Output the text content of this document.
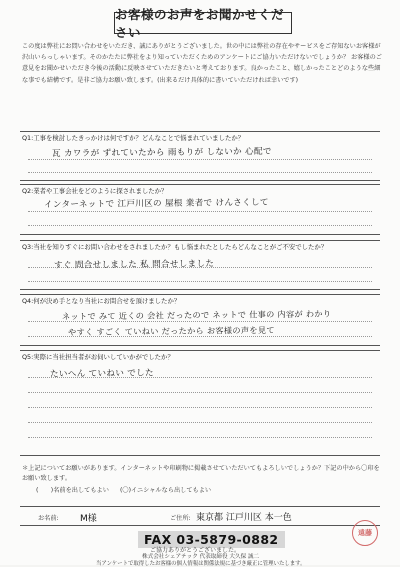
お客様のお声をお聞かせください
この度は弊社にお問い合わせをいただき、誠にありがとうございました。世の中には弊社の存在やサービスをご存知ないお客様が沢山いらっしゃいます。そのかたたに弊社をより知っていただくためのアンケートにご協力いただけないでしょうか？ お客様のご意見をお聞かせいただき今後の活動に反映させていただきたいと考えております。良かったこと、嬉しかったことどのような些細な事でも結構です。是非ご協力お願い致します。(出来るだけ具体的に書いていただければ幸いです)
Q1:工事を検討したきっかけは何ですか？どんなことで悩まれていましたか？
瓦 カワラが ずれていたから 雨もりが しないか 心配で
Q2:業者や工事会社をどのように探されましたか？
インターネットで 江戸川区の 屋根 業者で けんさくして
Q3:当社を知りすぐにお問い合わせをされましたか？もし悩まれたとしたらどんなことがご不安でしたか？
すぐ 問合せしました 私 問合せしました
Q4:何が決め手となり当社にお問合せを頂けましたか？
ネットで みて 近くの 会社 だったので ネットで 仕事の 内容が わかり
やすく すごく ていねい だったから お客様の声を見て
Q5:実際に当社担当者がお伺いしていかがでしたか？
たいへん ていねい でした
＊上記についてお願いがあります。インターネットや印刷物に掲載させていただいてもよろしいでしょうか？下記の中から〇印をお願い致します。
(　　)名前を出してもよい (〇)イニシャルなら出してもよい
お名前: M様	ご住所: 東京都 江戸川区 本一色
FAX 03-5879-0882	遠藤
ご協力ありがとうございました。
株式会社シェアテック 代表取締役 大久保 誠二
当アンケートで取得したお客様の個人情報は関係法規に基づき厳正に管理いたします。
